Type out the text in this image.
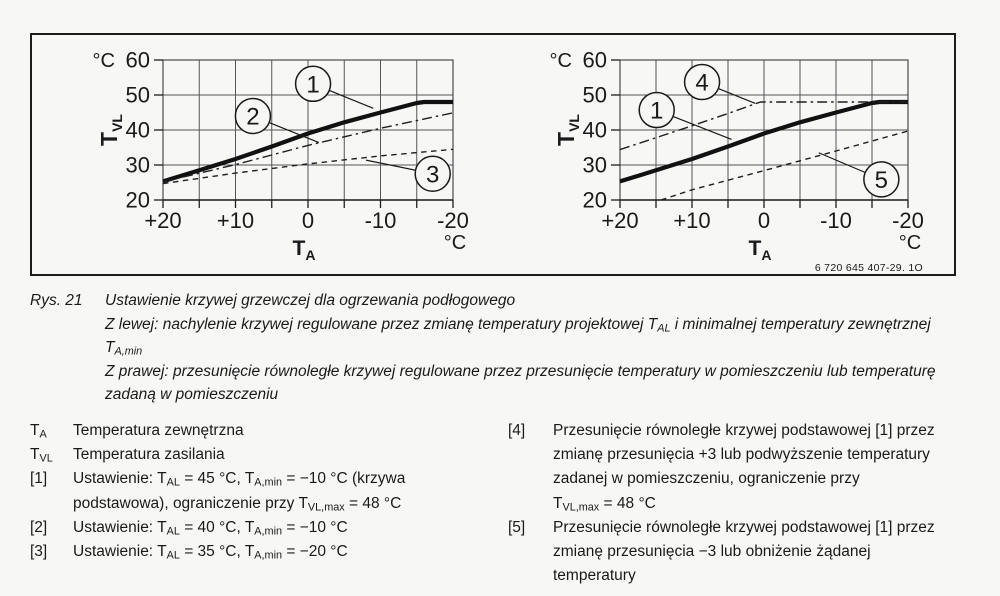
1
2
3
60
50
40
30
20
+20 +10 0 -10 -20
°C
°C
TA
TVL
4
1
5
60
50
40
30
20
+20 +10 0 -10 -20
°C
°C
TA
TVL
6 720 645 407-29. 1O
Rys. 21	Ustawienie krzywej grzewczej dla ogrzewania podłogowego
Z lewej: nachylenie krzywej regulowane przez zmianę temperatury projektowej $T_{AL}$ i minimalnej temperatury zewnętrznej
$T_{A,min}$
Z prawej: przesunięcie równoległe krzywej regulowane przez przesunięcie temperatury w pomieszczeniu lub temperaturę
zadaną w pomieszczeniu
$T_A$	Temperatura zewnętrzna
$T_{VL}$	Temperatura zasilania
[1]	Ustawienie: $T_{AL} = 45$ °C, $T_{A,min} = -10$ °C (krzywa
podstawowa), ograniczenie przy $T_{VL,max} = 48$ °C
[2]	Ustawienie: $T_{AL} = 40$ °C, $T_{A,min} = -10$ °C
[3]	Ustawienie: $T_{AL} = 35$ °C, $T_{A,min} = -20$ °C
[4]	Przesunięcie równoległe krzywej podstawowej [1] przez
zmianę przesunięcia +3 lub podwyższenie temperatury
zadanej w pomieszczeniu, ograniczenie przy
$T_{VL,max} = 48$ °C
[5]	Przesunięcie równoległe krzywej podstawowej [1] przez
zmianę przesunięcia −3 lub obniżenie żądanej
temperatury
